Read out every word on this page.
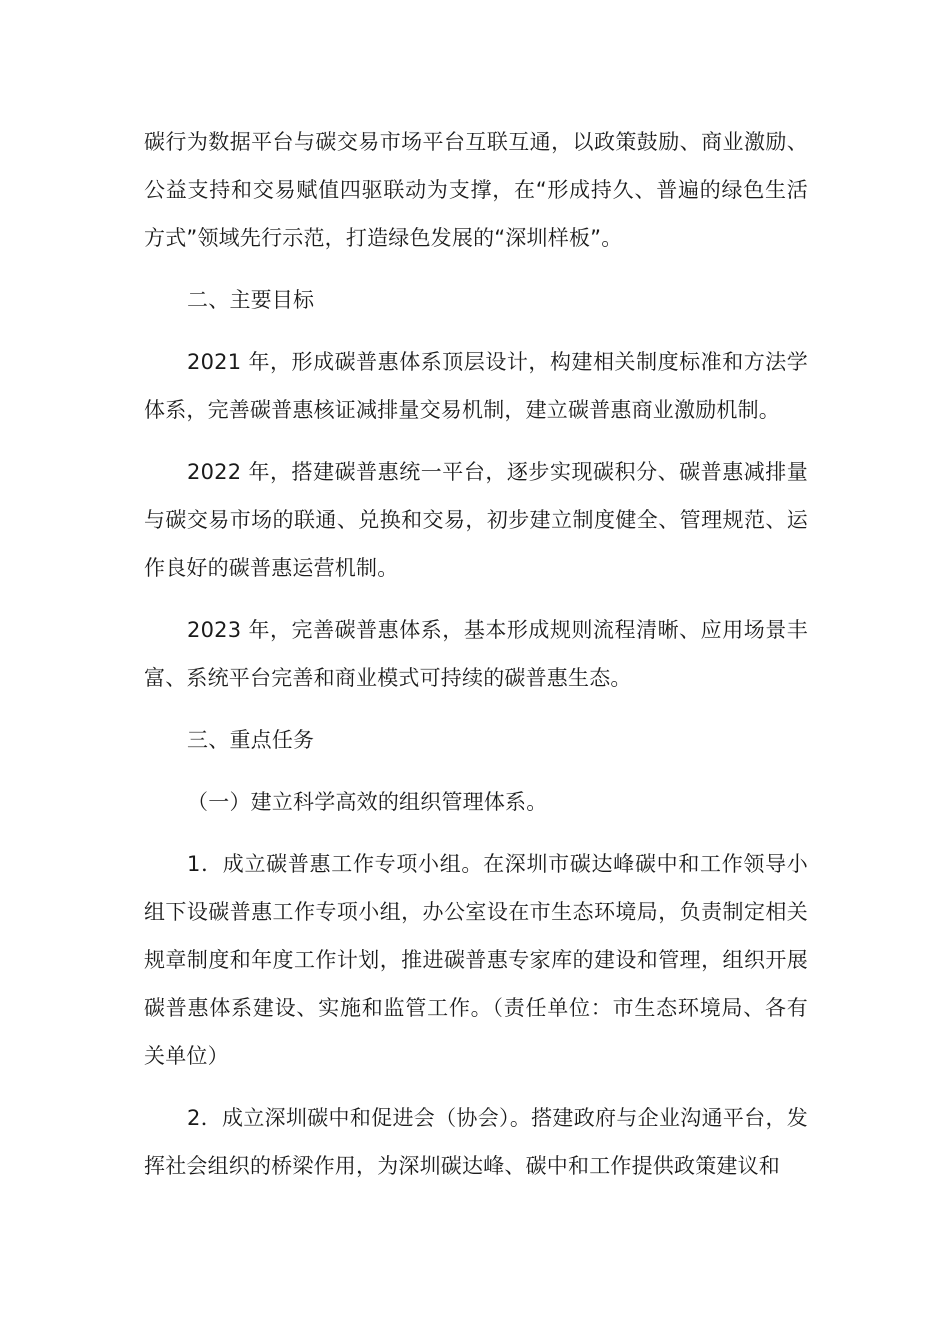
碳行为数据平台与碳交易市场平台互联互通，以政策鼓励、商业激励、公益支持和交易赋值四驱联动为支撑，在“形成持久、普遍的绿色生活方式”领域先行示范，打造绿色发展的“深圳样板”。

二、主要目标

2021 年，形成碳普惠体系顶层设计，构建相关制度标准和方法学体系，完善碳普惠核证减排量交易机制，建立碳普惠商业激励机制。

2022 年，搭建碳普惠统一平台，逐步实现碳积分、碳普惠减排量与碳交易市场的联通、兑换和交易，初步建立制度健全、管理规范、运作良好的碳普惠运营机制。

2023 年，完善碳普惠体系，基本形成规则流程清晰、应用场景丰富、系统平台完善和商业模式可持续的碳普惠生态。

三、重点任务

（一）建立科学高效的组织管理体系。

1．成立碳普惠工作专项小组。在深圳市碳达峰碳中和工作领导小组下设碳普惠工作专项小组，办公室设在市生态环境局，负责制定相关规章制度和年度工作计划，推进碳普惠专家库的建设和管理，组织开展碳普惠体系建设、实施和监管工作。（责任单位：市生态环境局、各有关单位）

2．成立深圳碳中和促进会（协会）。搭建政府与企业沟通平台，发挥社会组织的桥梁作用，为深圳碳达峰、碳中和工作提供政策建议和
